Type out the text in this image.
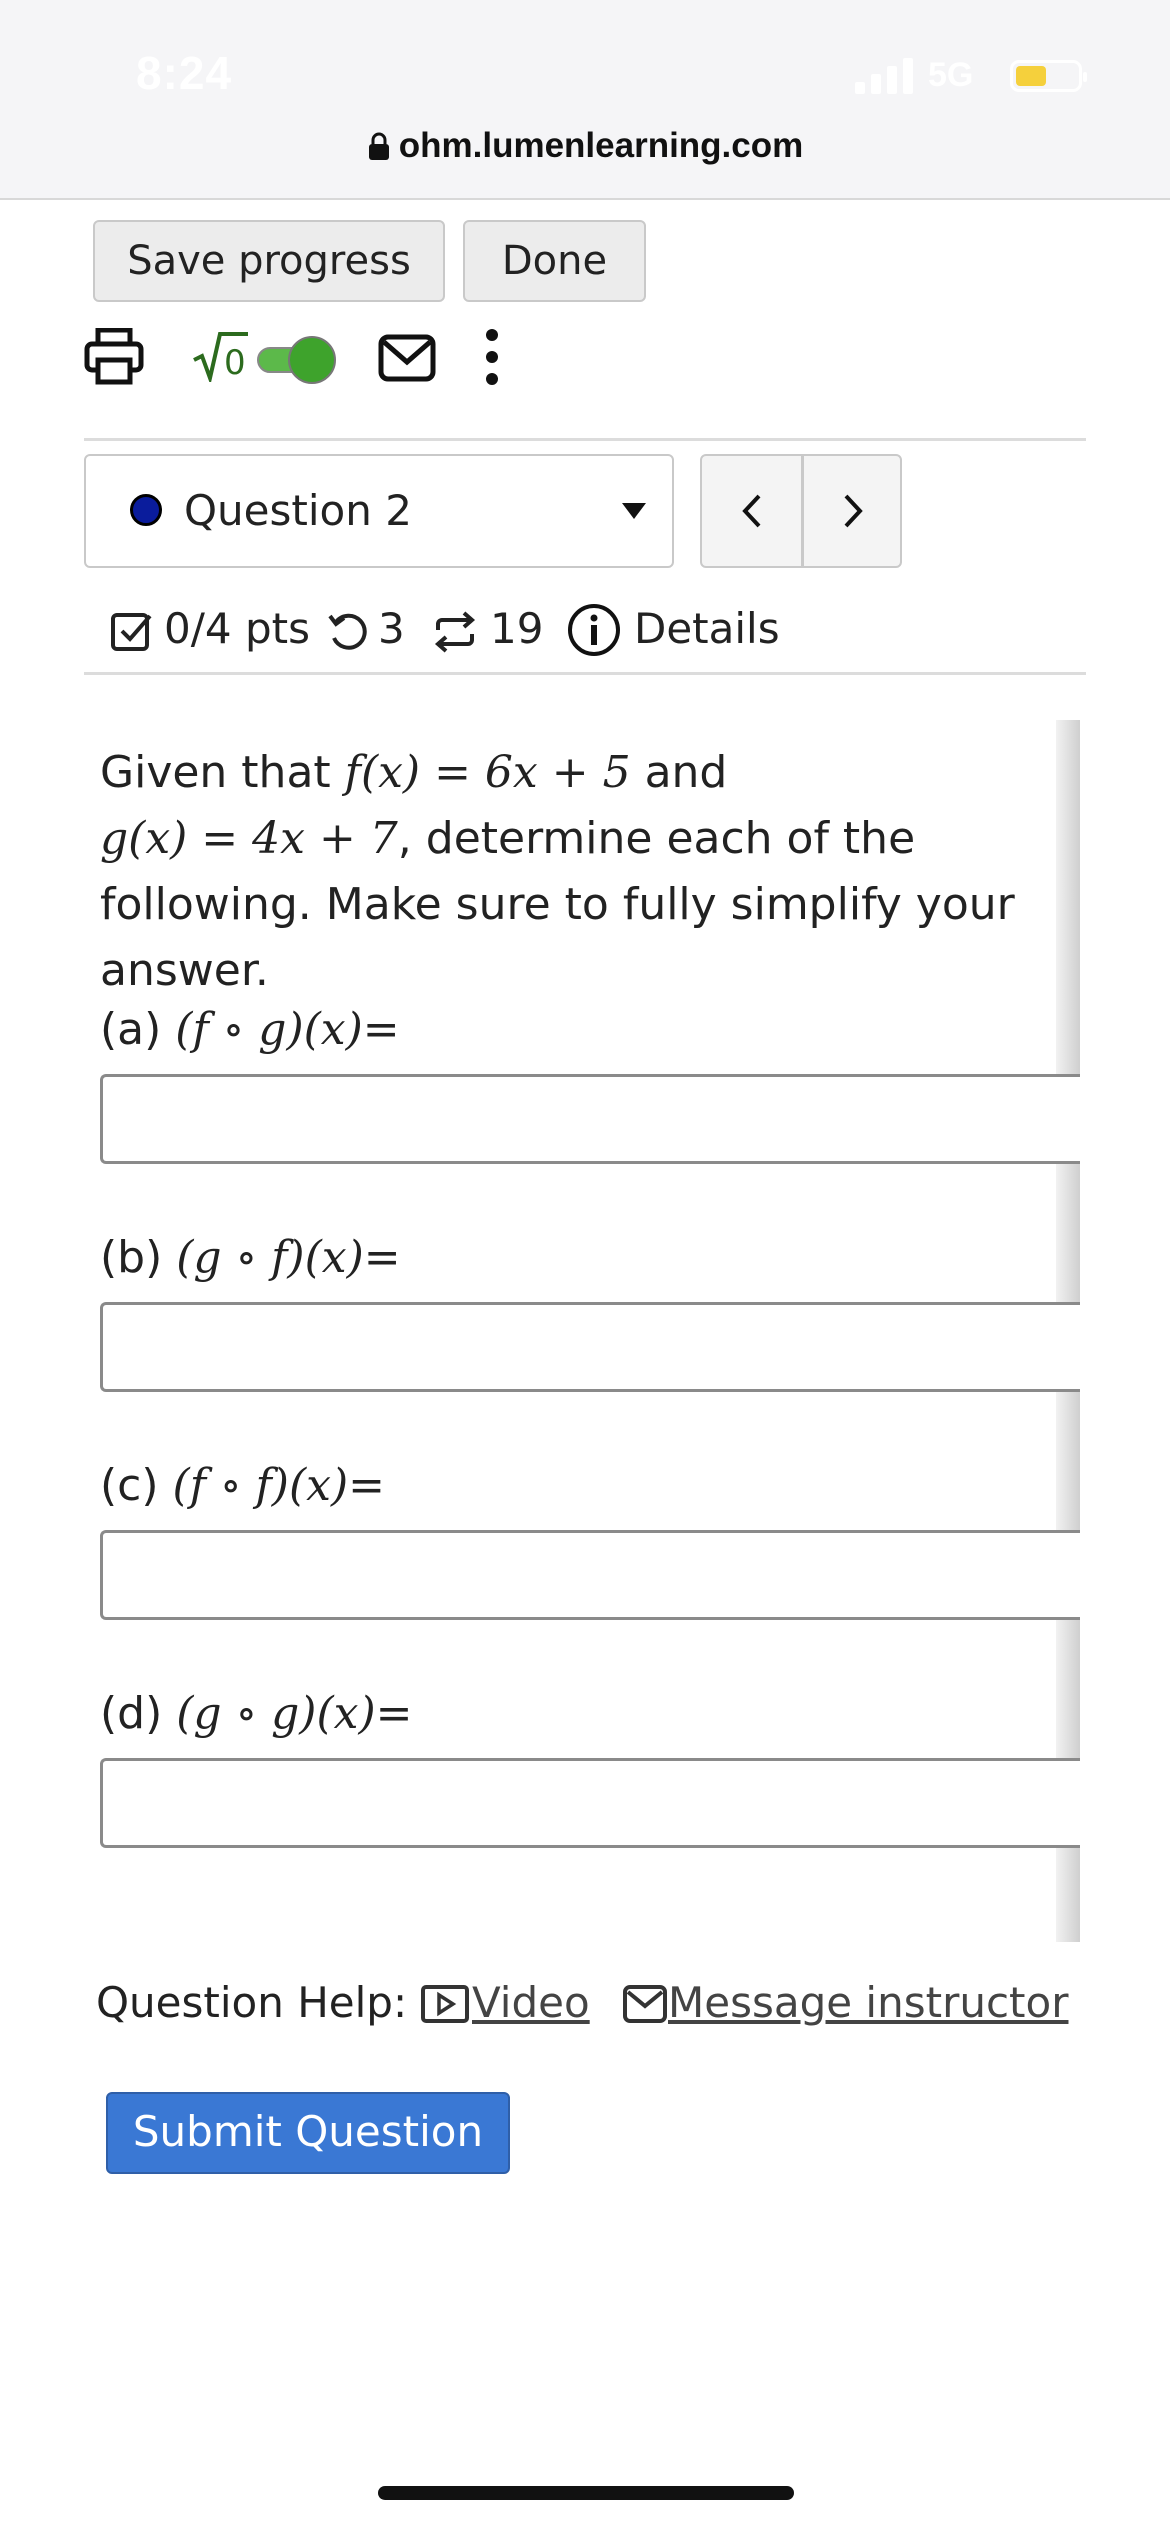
8:24	5G
ohm.lumenlearning.com
Save progress	Done
0
Question 2
0/4 pts 3 19 Details

Given that f(x) = 6x + 5 and
g(x) = 4x + 7, determine each of the following. Make sure to fully simplify your answer.

(a) (f ∘ g)(x)=
(b) (g ∘ f)(x)=
(c) (f ∘ f)(x)=
(d) (g ∘ g)(x)=
Question Help: Video Message instructor
Submit Question
